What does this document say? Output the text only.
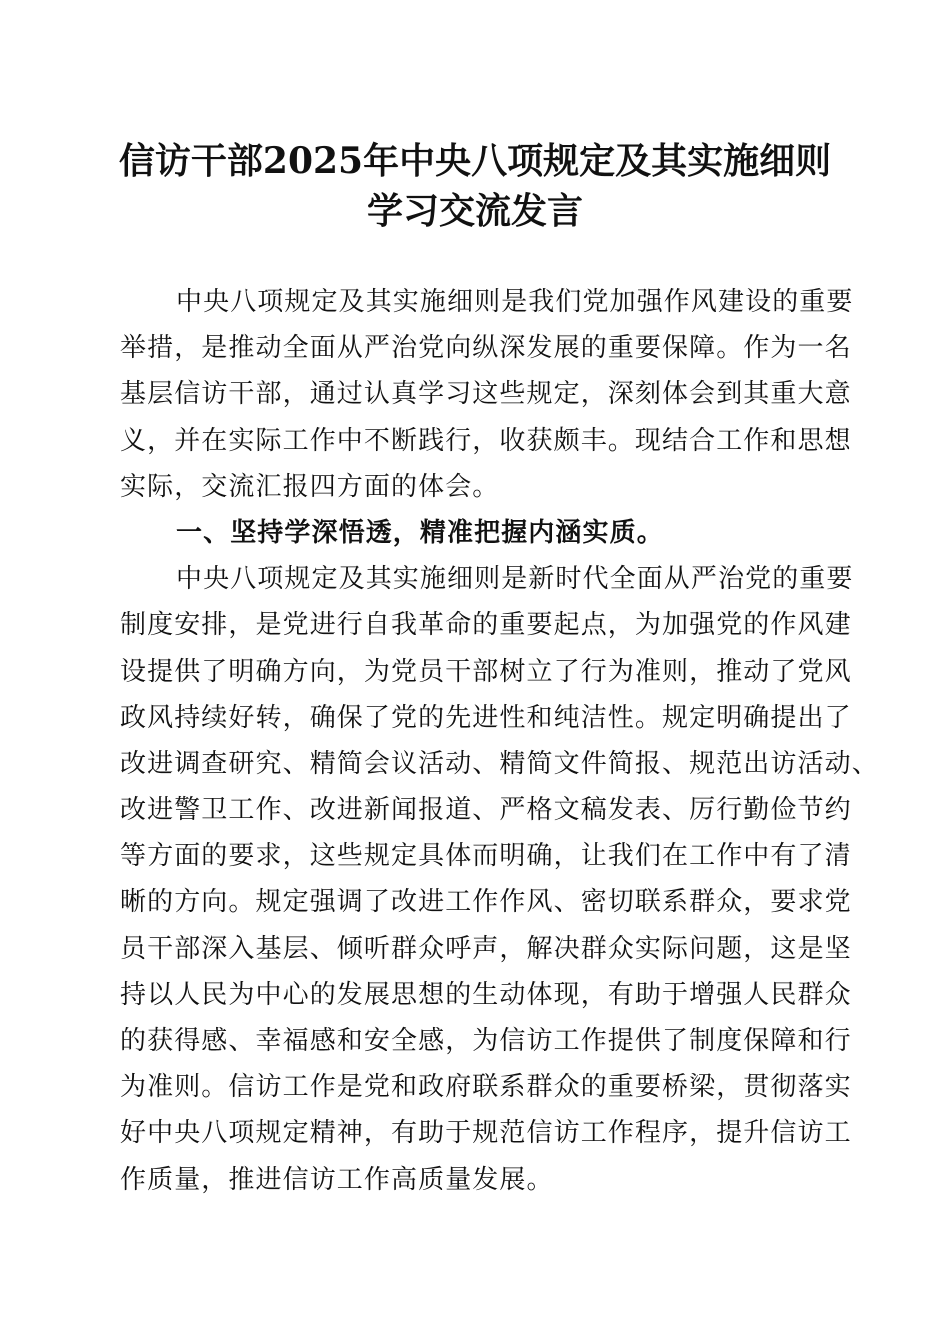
信访干部2025年中央八项规定及其实施细则
学习交流发言
中央八项规定及其实施细则是我们党加强作风建设的重要
举措，是推动全面从严治党向纵深发展的重要保障。作为一名
基层信访干部，通过认真学习这些规定，深刻体会到其重大意
义，并在实际工作中不断践行，收获颇丰。现结合工作和思想
实际，交流汇报四方面的体会。
一、坚持学深悟透，精准把握内涵实质。
中央八项规定及其实施细则是新时代全面从严治党的重要
制度安排，是党进行自我革命的重要起点，为加强党的作风建
设提供了明确方向，为党员干部树立了行为准则，推动了党风
政风持续好转，确保了党的先进性和纯洁性。规定明确提出了
改进调查研究、精简会议活动、精简文件简报、规范出访活动、
改进警卫工作、改进新闻报道、严格文稿发表、厉行勤俭节约
等方面的要求，这些规定具体而明确，让我们在工作中有了清
晰的方向。规定强调了改进工作作风、密切联系群众，要求党
员干部深入基层、倾听群众呼声，解决群众实际问题，这是坚
持以人民为中心的发展思想的生动体现，有助于增强人民群众
的获得感、幸福感和安全感，为信访工作提供了制度保障和行
为准则。信访工作是党和政府联系群众的重要桥梁，贯彻落实
好中央八项规定精神，有助于规范信访工作程序，提升信访工
作质量，推进信访工作高质量发展。
